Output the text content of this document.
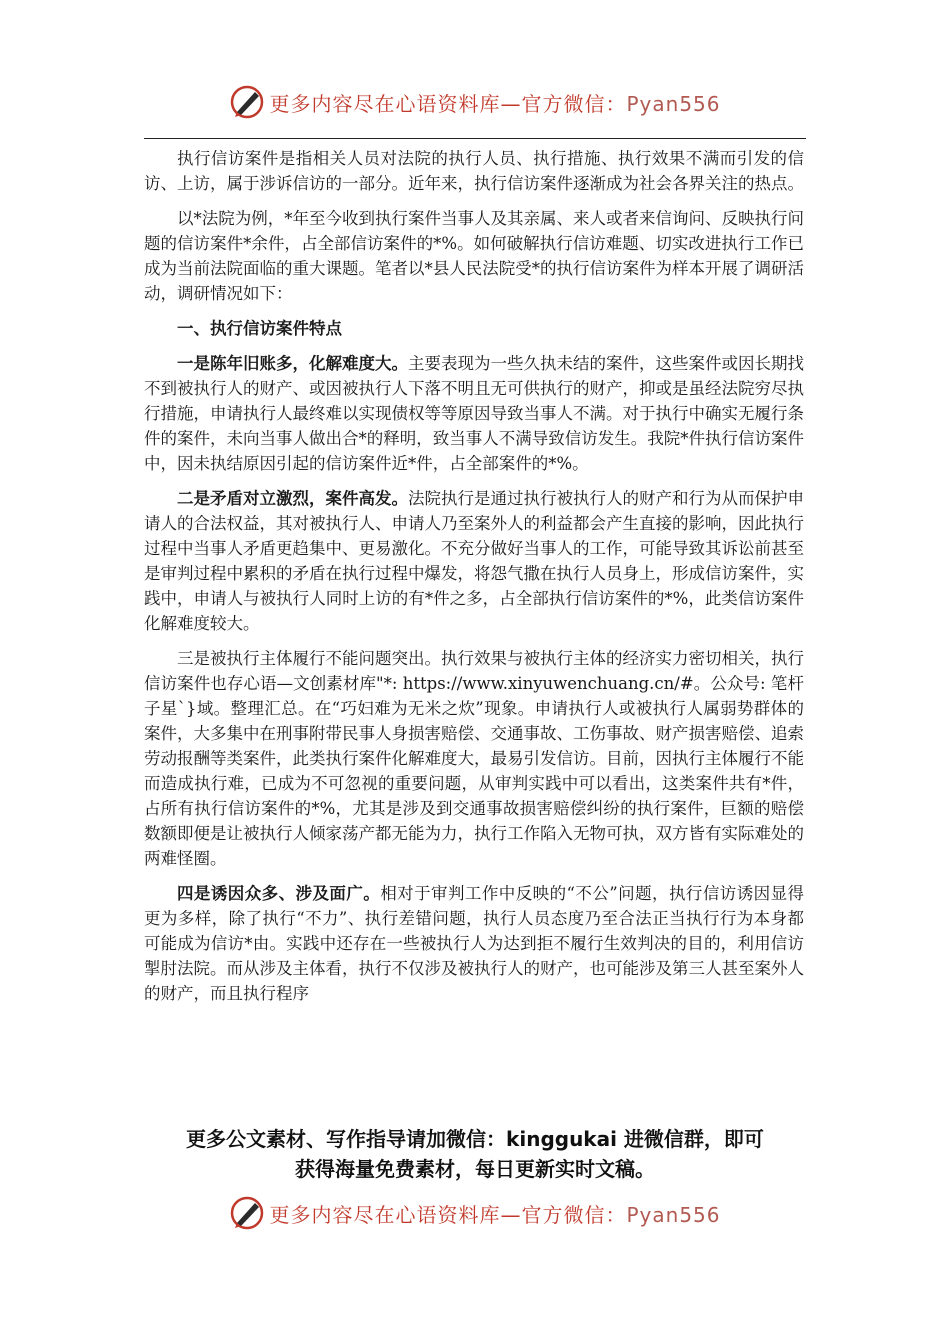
更多内容尽在心语资料库—官方微信：Pyan556

执行信访案件是指相关人员对法院的执行人员、执行措施、执行效果不满而引发的信访、上访，属于涉诉信访的一部分。近年来，执行信访案件逐渐成为社会各界关注的热点。

以*法院为例，*年至今收到执行案件当事人及其亲属、来人或者来信询问、反映执行问题的信访案件*余件，占全部信访案件的*%。如何破解执行信访难题、切实改进执行工作已成为当前法院面临的重大课题。笔者以*县人民法院受*的执行信访案件为样本开展了调研活动，调研情况如下：

一、执行信访案件特点

一是陈年旧账多，化解难度大。主要表现为一些久执未结的案件，这些案件或因长期找不到被执行人的财产、或因被执行人下落不明且无可供执行的财产，抑或是虽经法院穷尽执行措施，申请执行人最终难以实现债权等等原因导致当事人不满。对于执行中确实无履行条件的案件，未向当事人做出合*的释明，致当事人不满导致信访发生。我院*件执行信访案件中，因未执结原因引起的信访案件近*件，占全部案件的*%。

二是矛盾对立激烈，案件高发。法院执行是通过执行被执行人的财产和行为从而保护申请人的合法权益，其对被执行人、申请人乃至案外人的利益都会产生直接的影响，因此执行过程中当事人矛盾更趋集中、更易激化。不充分做好当事人的工作，可能导致其诉讼前甚至是审判过程中累积的矛盾在执行过程中爆发，将怨气撒在执行人员身上，形成信访案件，实践中，申请人与被执行人同时上访的有*件之多，占全部执行信访案件的*%，此类信访案件化解难度较大。

三是被执行主体履行不能问题突出。执行效果与被执行主体的经济实力密切相关，执行信访案件也存心语—文创素材库"*: https://www.xinyuwenchuang.cn/#。公众号: 笔杆子星`}域。整理汇总。在“巧妇难为无米之炊”现象。申请执行人或被执行人属弱势群体的案件，大多集中在刑事附带民事人身损害赔偿、交通事故、工伤事故、财产损害赔偿、追索劳动报酬等类案件，此类执行案件化解难度大，最易引发信访。目前，因执行主体履行不能而造成执行难，已成为不可忽视的重要问题，从审判实践中可以看出，这类案件共有*件，占所有执行信访案件的*%，尤其是涉及到交通事故损害赔偿纠纷的执行案件，巨额的赔偿数额即便是让被执行人倾家荡产都无能为力，执行工作陷入无物可执，双方皆有实际难处的两难怪圈。

四是诱因众多、涉及面广。相对于审判工作中反映的“不公”问题，执行信访诱因显得更为多样，除了执行“不力”、执行差错问题，执行人员态度乃至合法正当执行行为本身都可能成为信访*由。实践中还存在一些被执行人为达到拒不履行生效判决的目的，利用信访掣肘法院。而从涉及主体看，执行不仅涉及被执行人的财产，也可能涉及第三人甚至案外人的财产，而且执行程序

更多公文素材、写作指导请加微信：kinggukai 进微信群，即可
获得海量免费素材，每日更新实时文稿。
更多内容尽在心语资料库—官方微信：Pyan556
